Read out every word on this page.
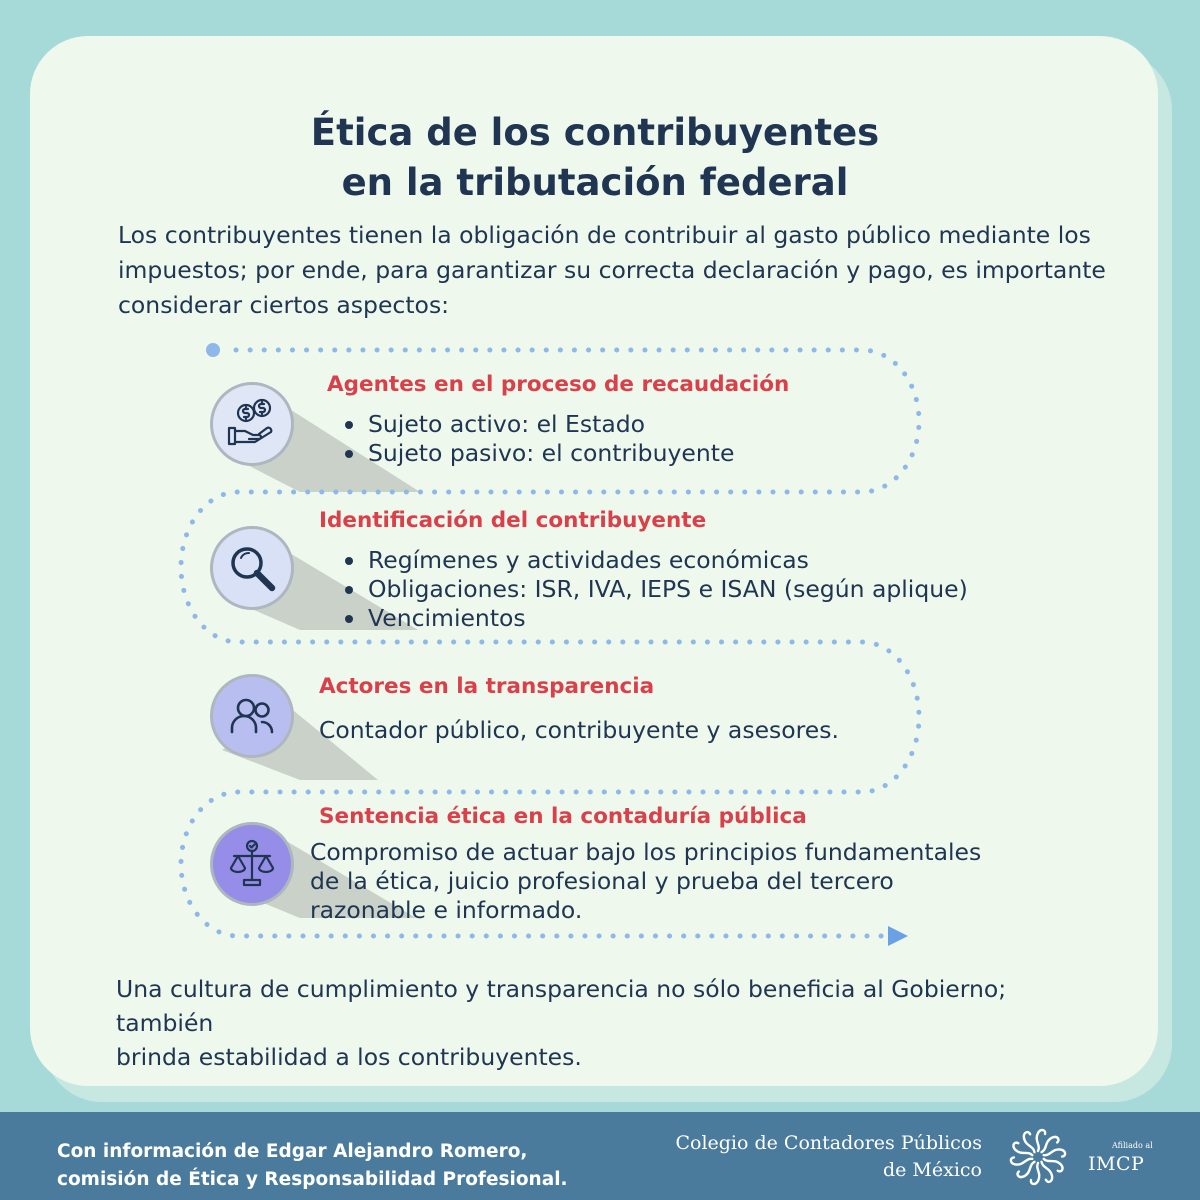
Ética de los contribuyentes
en la tributación federal
Los contribuyentes tienen la obligación de contribuir al gasto público mediante los
impuestos; por ende, para garantizar su correcta declaración y pago, es importante
considerar ciertos aspectos:
Agentes en el proceso de recaudación
Sujeto activo: el Estado
Sujeto pasivo: el contribuyente
Identificación del contribuyente
Regímenes y actividades económicas
Obligaciones: ISR, IVA, IEPS e ISAN (según aplique)
Vencimientos
Actores en la transparencia
Contador público, contribuyente y asesores.
Sentencia ética en la contaduría pública
Compromiso de actuar bajo los principios fundamentales
de la ética, juicio profesional y prueba del tercero
razonable e informado.
Una cultura de cumplimiento y transparencia no sólo beneficia al Gobierno; también
brinda estabilidad a los contribuyentes.
Con información de Edgar Alejandro Romero,
comisión de Ética y Responsabilidad Profesional.
Colegio de Contadores Públicos
de México
Afiliado al
IMCP
